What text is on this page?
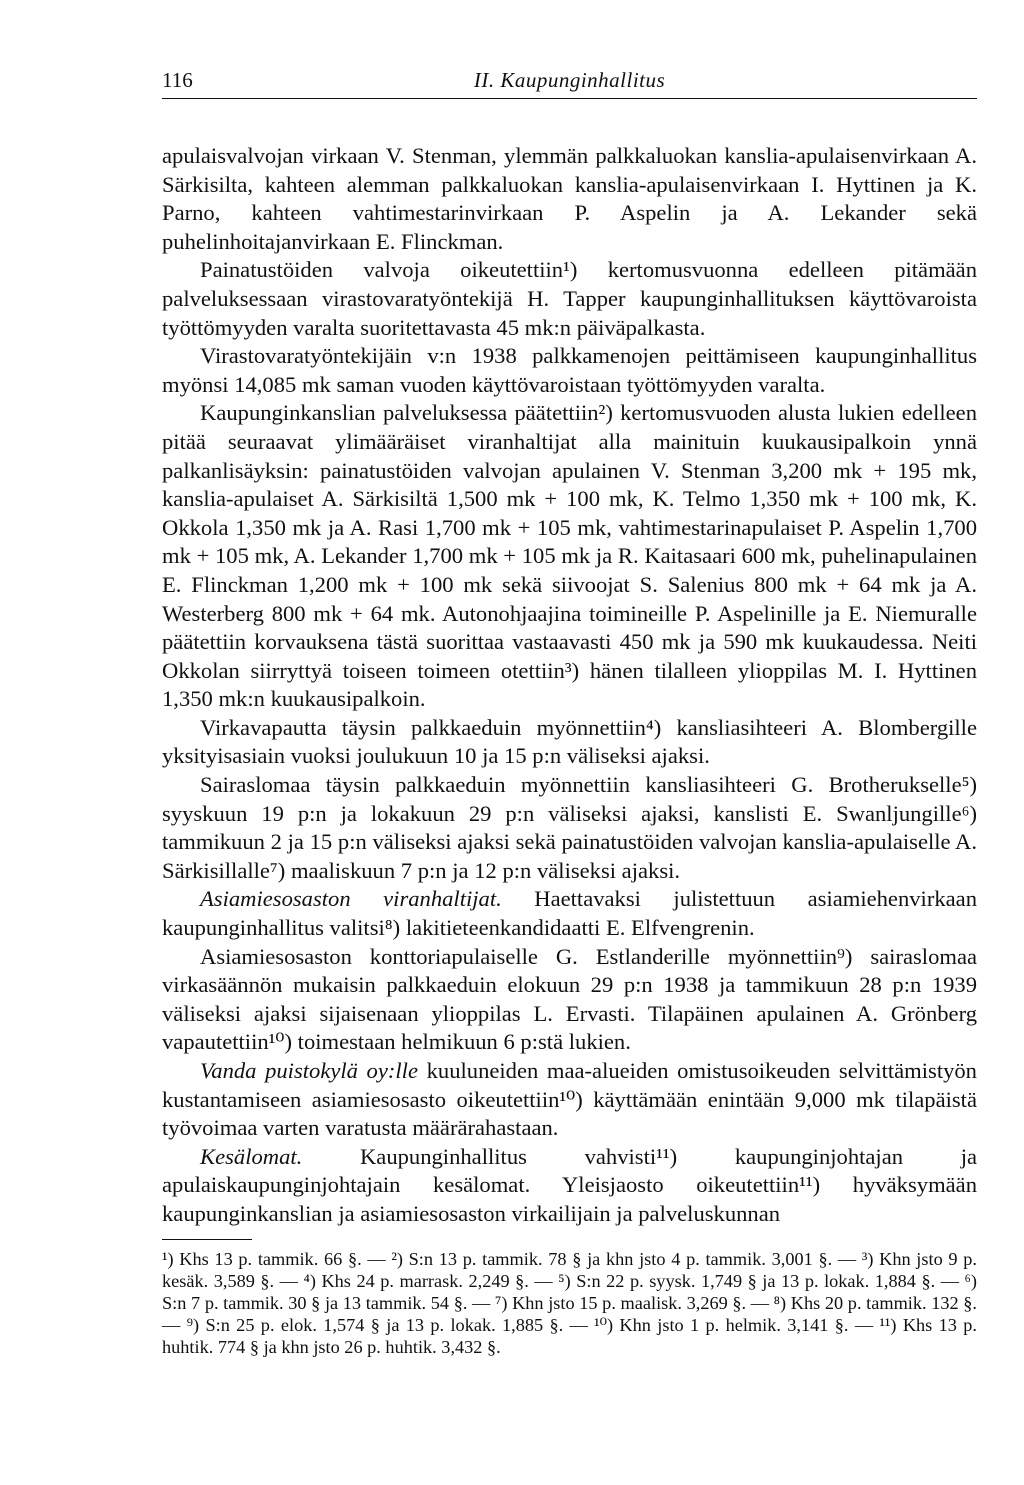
116	II. Kaupunginhallitus

apulaisvalvojan virkaan V. Stenman, ylemmän palkkaluokan kanslia-apulaisenvirkaan A. Särkisilta, kahteen alemman palkkaluokan kanslia-apulaisenvirkaan I. Hyttinen ja K. Parno, kahteen vahtimestarinvirkaan P. Aspelin ja A. Lekander sekä puhelinhoitajanvirkaan E. Flinckman.

Painatustöiden valvoja oikeutettiin¹) kertomusvuonna edelleen pitämään palveluksessaan virastovaratyöntekijä H. Tapper kaupunginhallituksen käyttövaroista työttömyyden varalta suoritettavasta 45 mk:n päiväpalkasta.

Virastovaratyöntekijäin v:n 1938 palkkamenojen peittämiseen kaupunginhallitus myönsi 14,085 mk saman vuoden käyttövaroistaan työttömyyden varalta.

Kaupunginkanslian palveluksessa päätettiin²) kertomusvuoden alusta lukien edelleen pitää seuraavat ylimääräiset viranhaltijat alla mainituin kuukausipalkoin ynnä palkanlisäyksin: painatustöiden valvojan apulainen V. Stenman 3,200 mk + 195 mk, kanslia-apulaiset A. Särkisiltä 1,500 mk + 100 mk, K. Telmo 1,350 mk + 100 mk, K. Okkola 1,350 mk ja A. Rasi 1,700 mk + 105 mk, vahtimestarinapulaiset P. Aspelin 1,700 mk + 105 mk, A. Lekander 1,700 mk + 105 mk ja R. Kaitasaari 600 mk, puhelinapulainen E. Flinckman 1,200 mk + 100 mk sekä siivoojat S. Salenius 800 mk + 64 mk ja A. Westerberg 800 mk + 64 mk. Autonohjaajina toimineille P. Aspelinille ja E. Niemuralle päätettiin korvauksena tästä suorittaa vastaavasti 450 mk ja 590 mk kuukaudessa. Neiti Okkolan siirryttyä toiseen toimeen otettiin³) hänen tilalleen ylioppilas M. I. Hyttinen 1,350 mk:n kuukausipalkoin.

Virkavapautta täysin palkkaeduin myönnettiin⁴) kansliasihteeri A. Blombergille yksityisasiain vuoksi joulukuun 10 ja 15 p:n väliseksi ajaksi.

Sairaslomaa täysin palkkaeduin myönnettiin kansliasihteeri G. Brotherukselle⁵) syyskuun 19 p:n ja lokakuun 29 p:n väliseksi ajaksi, kanslisti E. Swanljungille⁶) tammikuun 2 ja 15 p:n väliseksi ajaksi sekä painatustöiden valvojan kanslia-apulaiselle A. Särkisillalle⁷) maaliskuun 7 p:n ja 12 p:n väliseksi ajaksi.

Asiamiesosaston viranhaltijat. Haettavaksi julistettuun asiamiehenvirkaan kaupunginhallitus valitsi⁸) lakitieteenkandidaatti E. Elfvengrenin.

Asiamiesosaston konttoriapulaiselle G. Estlanderille myönnettiin⁹) sairaslomaa virkasäännön mukaisin palkkaeduin elokuun 29 p:n 1938 ja tammikuun 28 p:n 1939 väliseksi ajaksi sijaisenaan ylioppilas L. Ervasti. Tilapäinen apulainen A. Grönberg vapautettiin¹⁰) toimestaan helmikuun 6 p:stä lukien.

Vanda puistokylä oy:lle kuuluneiden maa-alueiden omistusoikeuden selvittämistyön kustantamiseen asiamiesosasto oikeutettiin¹⁰) käyttämään enintään 9,000 mk tilapäistä työvoimaa varten varatusta määrärahastaan.

Kesälomat. Kaupunginhallitus vahvisti¹¹) kaupunginjohtajan ja apulaiskaupunginjohtajain kesälomat. Yleisjaosto oikeutettiin¹¹) hyväksymään kaupunginkanslian ja asiamiesosaston virkailijain ja palveluskunnan

¹) Khs 13 p. tammik. 66 §. — ²) S:n 13 p. tammik. 78 § ja khn jsto 4 p. tammik. 3,001 §. — ³) Khn jsto 9 p. kesäk. 3,589 §. — ⁴) Khs 24 p. marrask. 2,249 §. — ⁵) S:n 22 p. syysk. 1,749 § ja 13 p. lokak. 1,884 §. — ⁶) S:n 7 p. tammik. 30 § ja 13 tammik. 54 §. — ⁷) Khn jsto 15 p. maalisk. 3,269 §. — ⁸) Khs 20 p. tammik. 132 §. — ⁹) S:n 25 p. elok. 1,574 § ja 13 p. lokak. 1,885 §. — ¹⁰) Khn jsto 1 p. helmik. 3,141 §. — ¹¹) Khs 13 p. huhtik. 774 § ja khn jsto 26 p. huhtik. 3,432 §.
